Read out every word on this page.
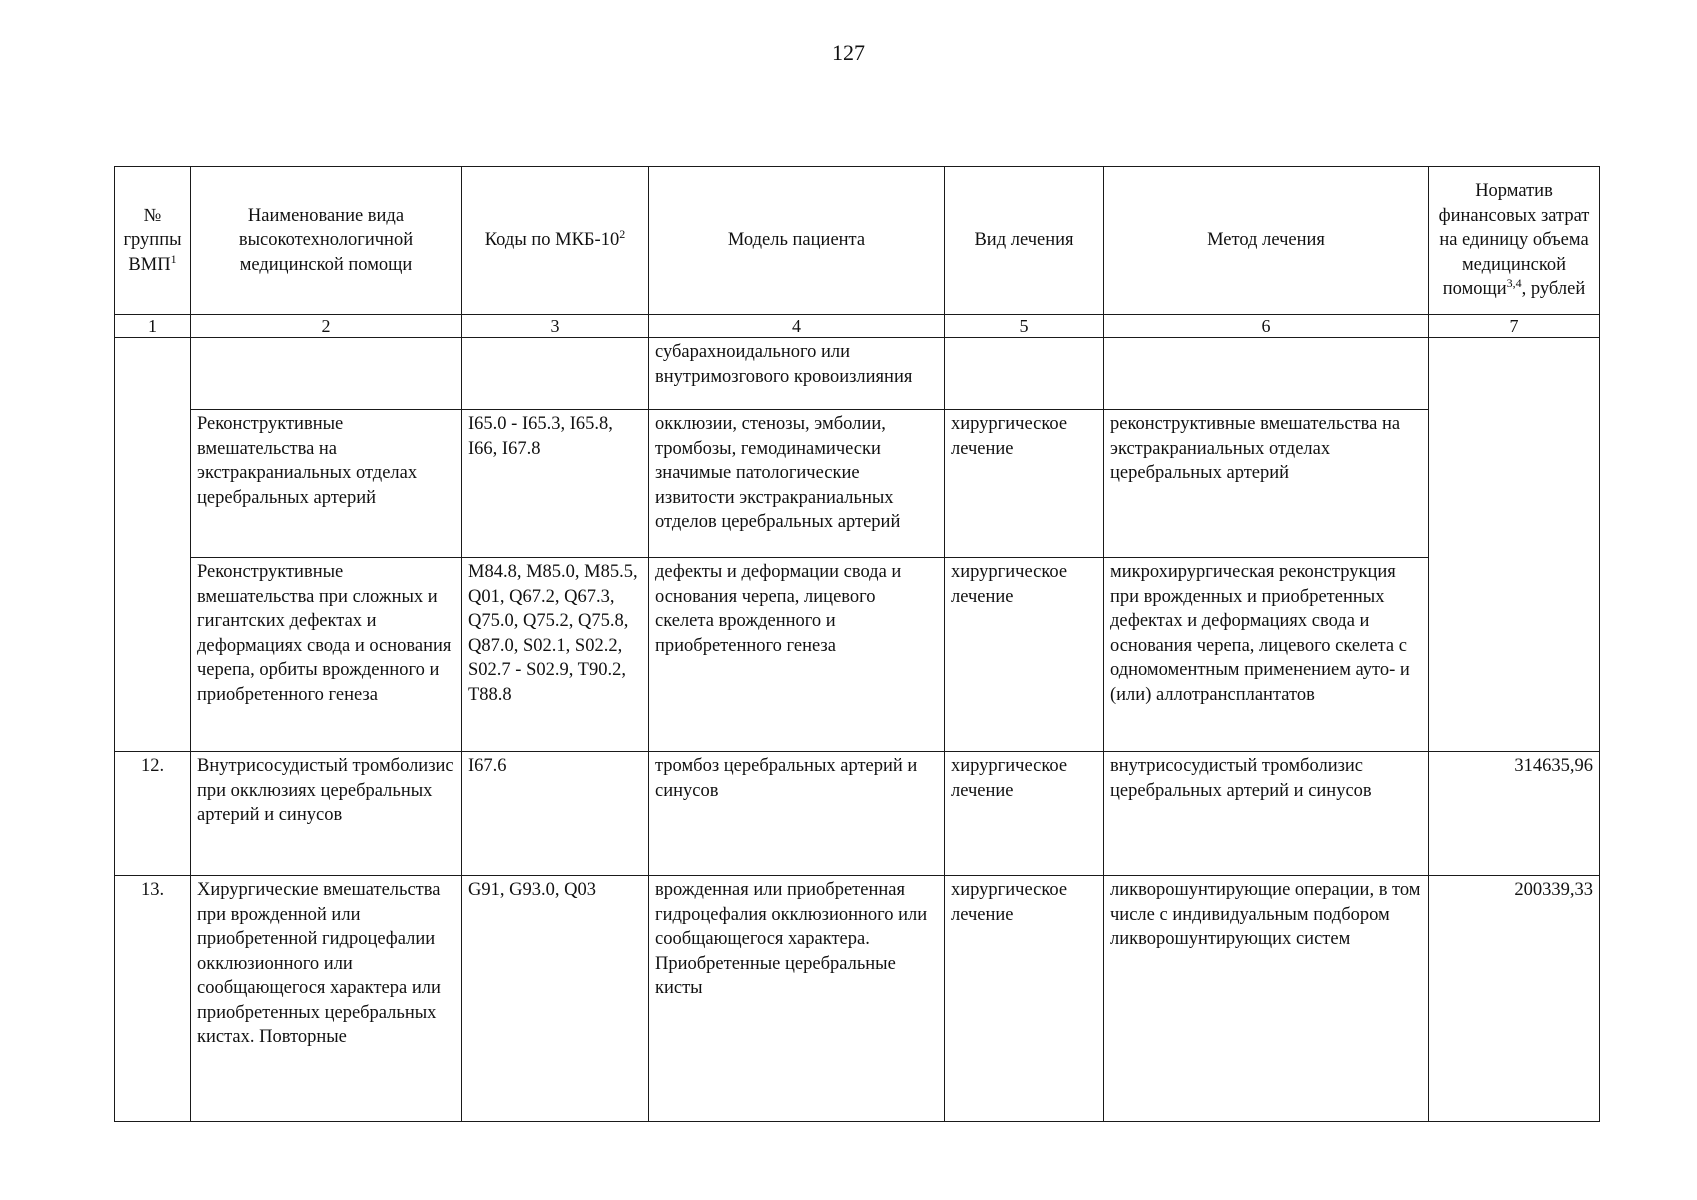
127
№ группы ВМП$^1$	Наименование вида высокотехнологичной медицинской помощи	Коды по МКБ-$10^2$	Модель пациента	Вид лечения	Метод лечения	Норматив финансовых затрат на единицу объема медицинской помощи$^{3,4}$, рублей
1	2	3	4	5	6	7
			субарахноидального или внутримозгового кровоизлияния			
	Реконструктивные вмешательства на экстракраниальных отделах церебральных артерий	I65.0 - I65.3, I65.8, I66, I67.8	окклюзии, стенозы, эмболии, тромбозы, гемодинамически значимые патологические извитости экстракраниальных отделов церебральных артерий	хирургическое лечение	реконструктивные вмешательства на экстракраниальных отделах церебральных артерий	
	Реконструктивные вмешательства при сложных и гигантских дефектах и деформациях свода и основания черепа, орбиты врожденного и приобретенного генеза	M84.8, M85.0, M85.5, Q01, Q67.2, Q67.3, Q75.0, Q75.2, Q75.8, Q87.0, S02.1, S02.2, S02.7 - S02.9, T90.2, T88.8	дефекты и деформации свода и основания черепа, лицевого скелета врожденного и приобретенного генеза	хирургическое лечение	микрохирургическая реконструкция при врожденных и приобретенных дефектах и деформациях свода и основания черепа, лицевого скелета с одномоментным применением ауто- и (или) аллотрансплантатов	
12.	Внутрисосудистый тромболизис при окклюзиях церебральных артерий и синусов	I67.6	тромбоз церебральных артерий и синусов	хирургическое лечение	внутрисосудистый тромболизис церебральных артерий и синусов	314635,96
13.	Хирургические вмешательства при врожденной или приобретенной гидроцефалии окклюзионного или сообщающегося характера или приобретенных церебральных кистах. Повторные	G91, G93.0, Q03	врожденная или приобретенная гидроцефалия окклюзионного или сообщающегося характера. Приобретенные церебральные кисты	хирургическое лечение	ликворошунтирующие операции, в том числе с индивидуальным подбором ликворошунтирующих систем	200339,33
